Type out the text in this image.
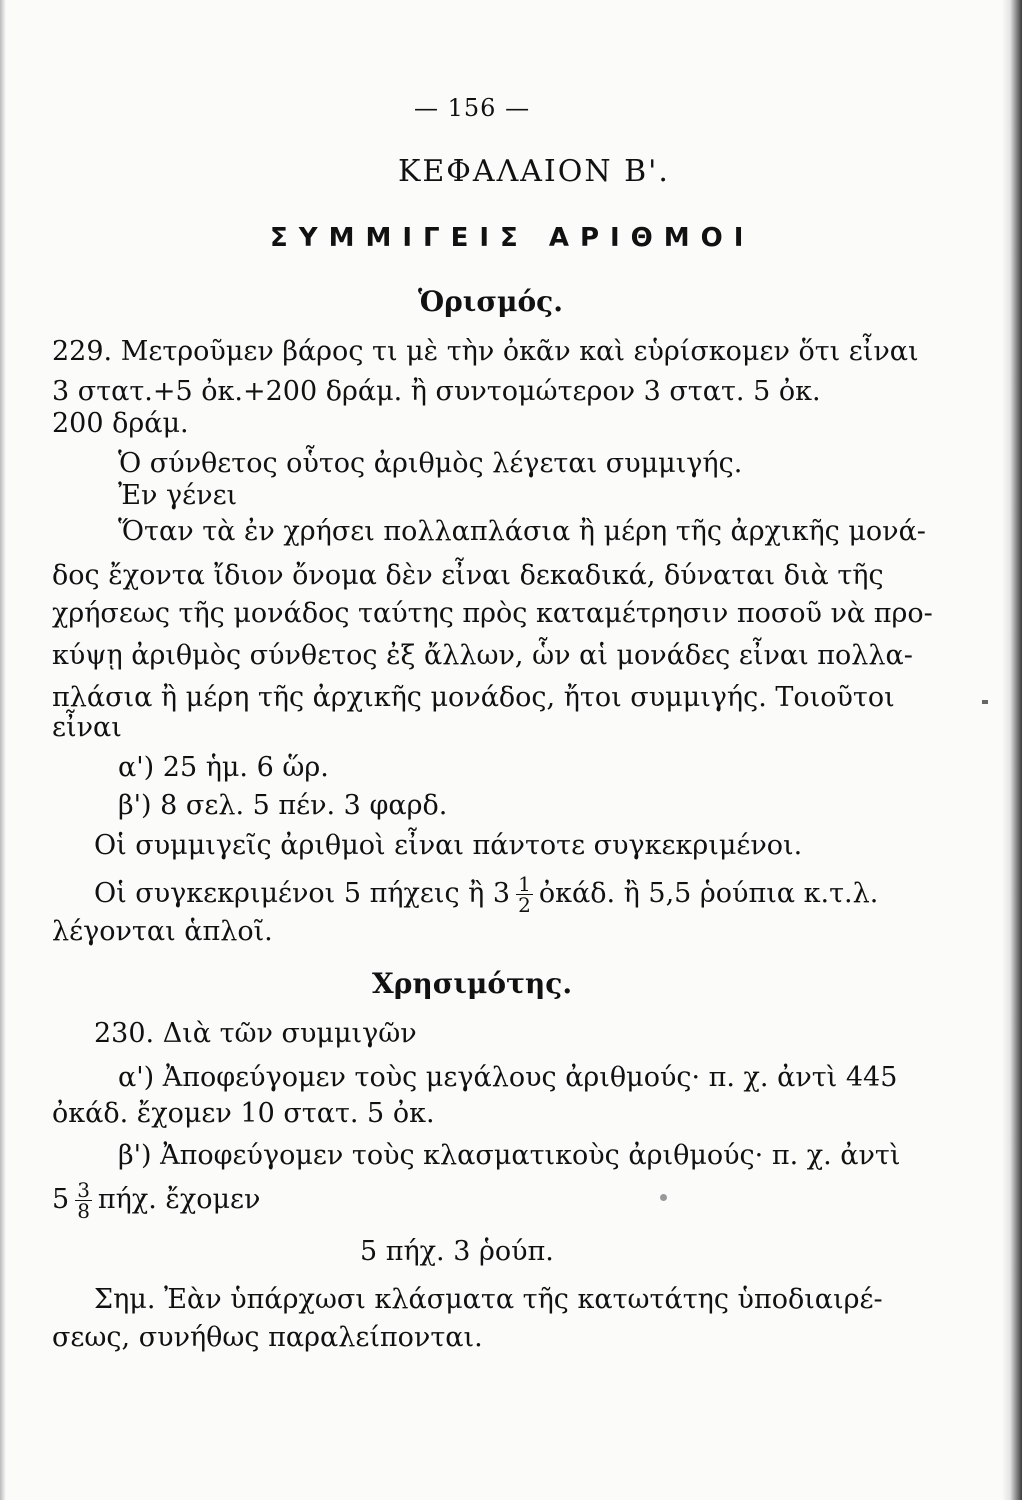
— 156 —
ΚΕΦΑΛΑΙΟΝ Β'.
ΣΥΜΜΙΓΕΙΣ ΑΡΙΘΜΟΙ
Ὁρισμός.
229. Μετροῦμεν βάρος τι μὲ τὴν ὀκᾶν καὶ εὑρίσκομεν ὅτι εἶναι
3 στατ.+5 ὀκ.+200 δράμ. ἢ συντομώτερον 3 στατ. 5 ὀκ.
200 δράμ.
Ὁ σύνθετος οὗτος ἀριθμὸς λέγεται συμμιγής.
Ἐν γένει
Ὅταν τὰ ἐν χρήσει πολλαπλάσια ἢ μέρη τῆς ἀρχικῆς μονά-
δος ἔχοντα ἴδιον ὄνομα δὲν εἶναι δεκαδικά, δύναται διὰ τῆς
χρήσεως τῆς μονάδος ταύτης πρὸς καταμέτρησιν ποσοῦ νὰ προ-
κύψῃ ἀριθμὸς σύνθετος ἐξ ἄλλων, ὧν αἱ μονάδες εἶναι πολλα-
πλάσια ἢ μέρη τῆς ἀρχικῆς μονάδος, ἤτοι συμμιγής. Τοιοῦτοι
εἶναι
α') 25 ἡμ. 6 ὥρ.
β') 8 σελ. 5 πέν. 3 φαρδ.
Οἱ συμμιγεῖς ἀριθμοὶ εἶναι πάντοτε συγκεκριμένοι.
Οἱ συγκεκριμένοι 5 πήχεις ἢ $3 \frac{1}{2}$ ὀκάδ. ἢ 5,5 ῥούπια κ.τ.λ.
λέγονται ἁπλοῖ.
Χρησιμότης.
230. Διὰ τῶν συμμιγῶν
α') Ἀποφεύγομεν τοὺς μεγάλους ἀριθμούς· π. χ. ἀντὶ 445
ὀκάδ. ἔχομεν 10 στατ. 5 ὀκ.
β') Ἀποφεύγομεν τοὺς κλασματικοὺς ἀριθμούς· π. χ. ἀντὶ
$5 \frac{3}{8} \pi ή\chi$. ἔχομεν
5 πήχ. 3 ῥούπ.
Σημ. Ἐὰν ὑπάρχωσι κλάσματα τῆς κατωτάτης ὑποδιαιρέ-
σεως, συνήθως παραλείπονται.
